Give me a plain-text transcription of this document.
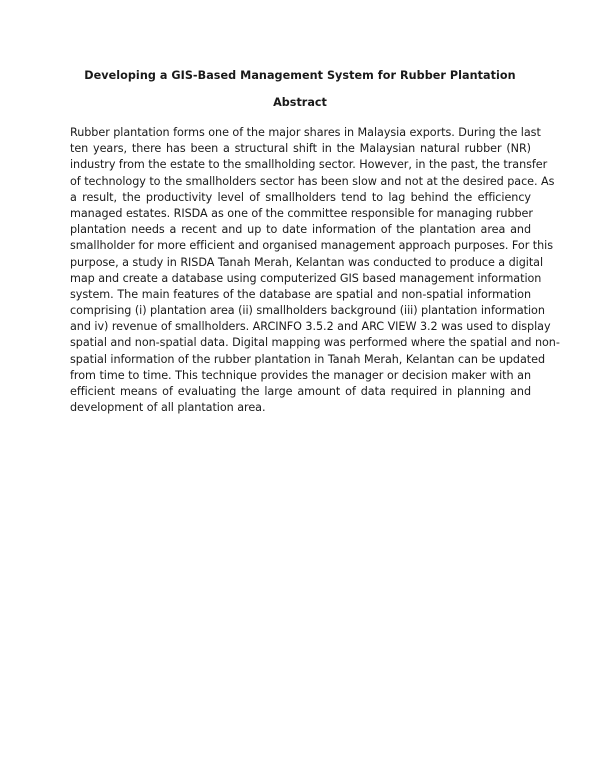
Developing a GIS-Based Management System for Rubber Plantation
Abstract
Rubber plantation forms one of the major shares in Malaysia exports. During the last
ten years, there has been a structural shift in the Malaysian natural rubber (NR)
industry from the estate to the smallholding sector. However, in the past, the transfer
of technology to the smallholders sector has been slow and not at the desired pace. As
a result, the productivity level of smallholders tend to lag behind the efficiency
managed estates. RISDA as one of the committee responsible for managing rubber
plantation needs a recent and up to date information of the plantation area and
smallholder for more efficient and organised management approach purposes. For this
purpose, a study in RISDA Tanah Merah, Kelantan was conducted to produce a digital
map and create a database using computerized GIS based management information
system. The main features of the database are spatial and non-spatial information
comprising (i) plantation area (ii) smallholders background (iii) plantation information
and iv) revenue of smallholders. ARCINFO 3.5.2 and ARC VIEW 3.2 was used to display
spatial and non-spatial data. Digital mapping was performed where the spatial and non-
spatial information of the rubber plantation in Tanah Merah, Kelantan can be updated
from time to time. This technique provides the manager or decision maker with an
efficient means of evaluating the large amount of data required in planning and
development of all plantation area.
